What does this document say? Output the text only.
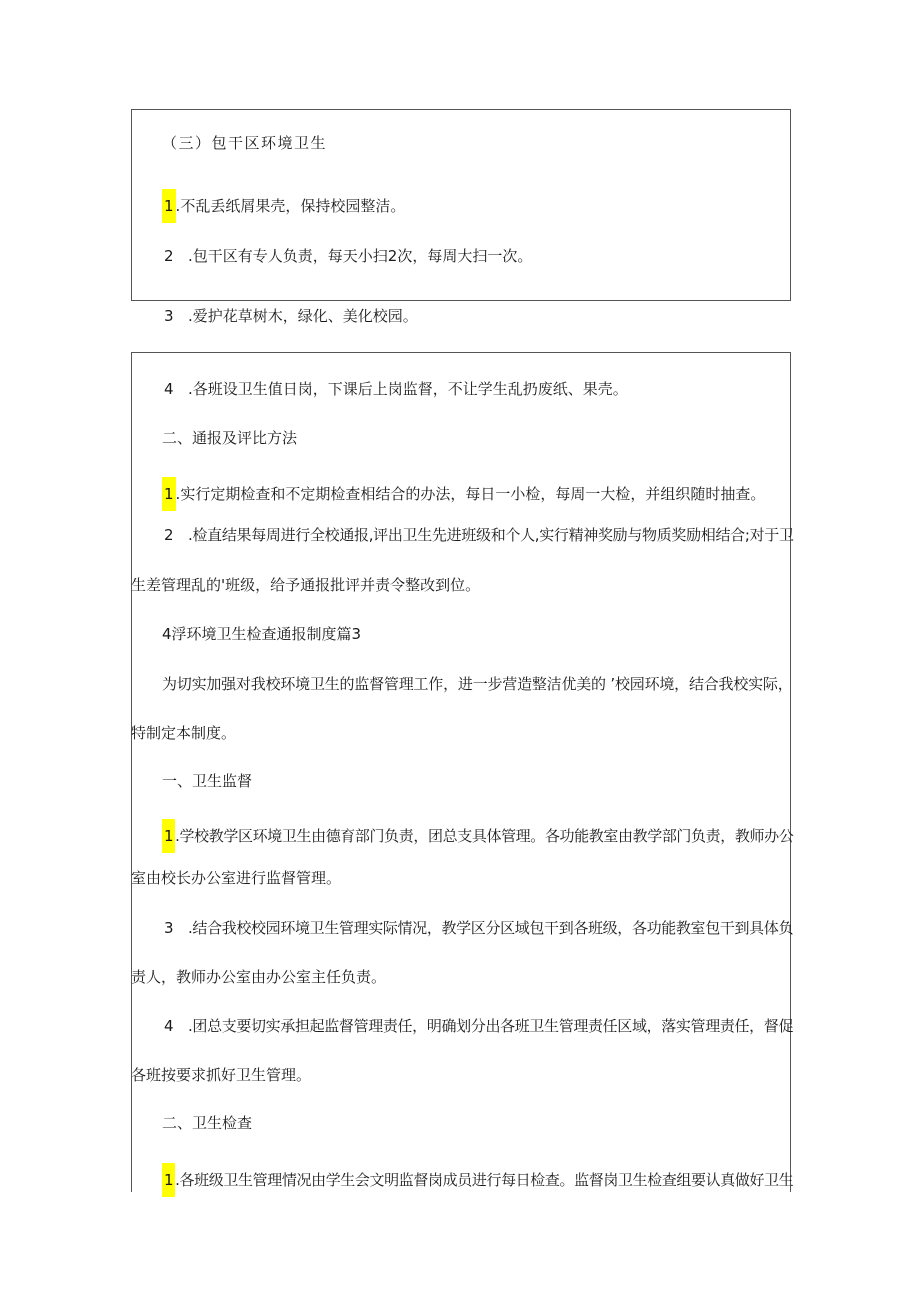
（三）包干区环境卫生

1 .不乱丢纸屑果壳，保持校园整洁。

2 .包干区有专人负责，每天小扫2次，每周大扫一次。

3 .爱护花草树木，绿化、美化校园。

4 .各班设卫生值日岗，下课后上岗监督，不让学生乱扔废纸、果壳。

二、通报及评比方法

1 .实行定期检查和不定期检查相结合的办法，每日一小检，每周一大检，并组织随时抽查。

2 .检直结果每周进行全校通报,评出卫生先进班级和个人,实行精神奖励与物质奖励相结合;对于卫

生差管理乱的'班级，给予通报批评并责令整改到位。

4浮环境卫生检查通报制度篇3

为切实加强对我校环境卫生的监督管理工作，进一步营造整洁优美的 ’校园环境，结合我校实际，

特制定本制度。

一、卫生监督

1 .学校教学区环境卫生由德育部门负责，团总支具体管理。各功能教室由教学部门负责，教师办公

室由校长办公室进行监督管理。

3 .结合我校校园环境卫生管理实际情况，教学区分区域包干到各班级，各功能教室包干到具体负

责人，教师办公室由办公室主任负责。

4 .团总支要切实承担起监督管理责任，明确划分出各班卫生管理责任区域，落实管理责任，督促

各班按要求抓好卫生管理。

二、卫生检查

1 .各班级卫生管理情况由学生会文明监督岗成员进行每日检查。监督岗卫生检查组要认真做好卫生
